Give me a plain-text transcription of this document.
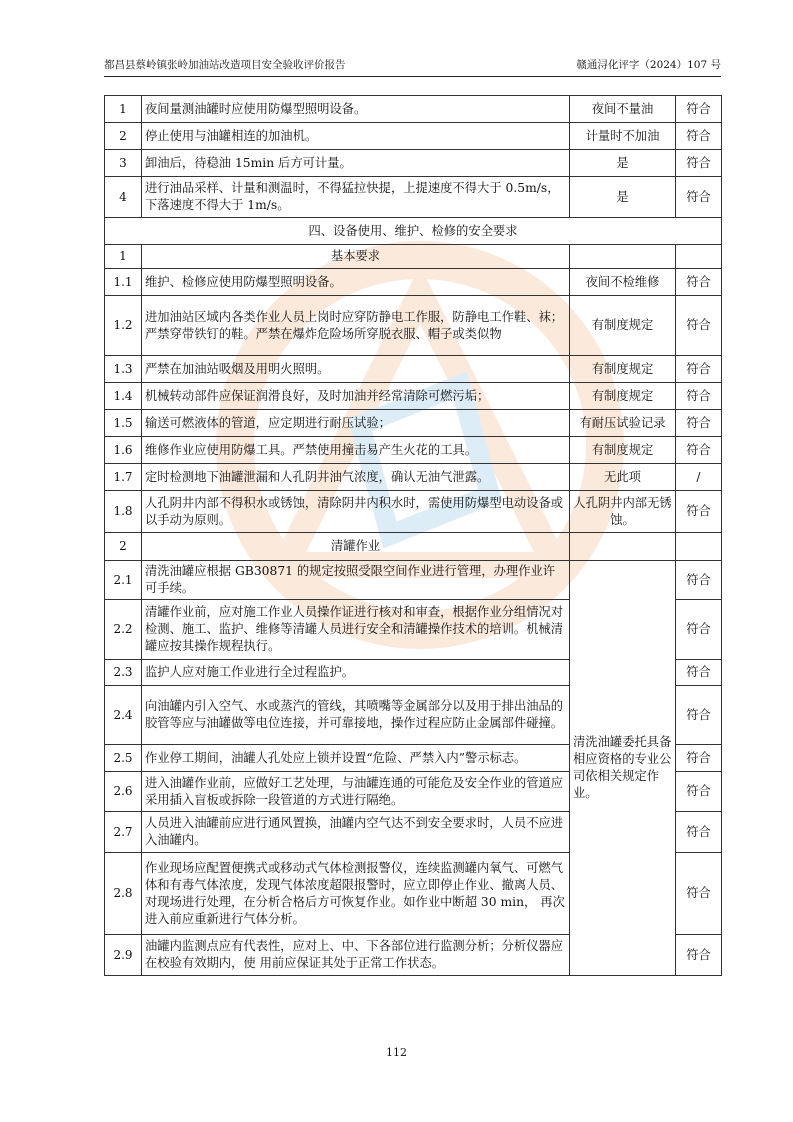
都昌县蔡岭镇张岭加油站改造项目安全验收评价报告	赣通浔化评字（2024）107 号
1	夜间量测油罐时应使用防爆型照明设备。	夜间不量油	符合
2	停止使用与油罐相连的加油机。	计量时不加油	符合
3	卸油后，待稳油 15min 后方可计量。	是	符合
4	进行油品采样、计量和测温时，不得猛拉快提，上提速度不得大于 0.5m/s，下落速度不得大于 1m/s。	是	符合
四、设备使用、维护、检修的安全要求			
1	基本要求		
1.1	维护、检修应使用防爆型照明设备。	夜间不检维修	符合
1.2	进加油站区域内各类作业人员上岗时应穿防静电工作服，防静电工作鞋、袜；严禁穿带铁钉的鞋。严禁在爆炸危险场所穿脱衣服、帽子或类似物	有制度规定	符合
1.3	严禁在加油站吸烟及用明火照明。	有制度规定	符合
1.4	机械转动部件应保证润滑良好，及时加油并经常清除可燃污垢；	有制度规定	符合
1.5	输送可燃液体的管道，应定期进行耐压试验；	有耐压试验记录	符合
1.6	维修作业应使用防爆工具。严禁使用撞击易产生火花的工具。	有制度规定	符合
1.7	定时检测地下油罐泄漏和人孔阴井油气浓度，确认无油气泄露。	无此项	/
1.8	人孔阴井内部不得积水或锈蚀，清除阴井内积水时，需使用防爆型电动设备或以手动为原则。	人孔阴井内部无锈蚀。	符合
2	清罐作业		
2.1	清洗油罐应根据 GB30871 的规定按照受限空间作业进行管理，办理作业许可手续。	清洗油罐委托具备相应资格的专业公司依相关规定作业。	符合
2.2	清罐作业前，应对施工作业人员操作证进行核对和审查，根据作业分组情况对检测、施工、监护、维修等清罐人员进行安全和清罐操作技术的培训。机械清罐应按其操作规程执行。		符合
2.3	监护人应对施工作业进行全过程监护。		符合
2.4	向油罐内引入空气、水或蒸汽的管线，其喷嘴等金属部分以及用于排出油品的胶管等应与油罐做等电位连接，并可靠接地，操作过程应防止金属部件碰撞。		符合
2.5	作业停工期间，油罐人孔处应上锁并设置“危险、严禁入内”警示标志。		符合
2.6	进入油罐作业前，应做好工艺处理，与油罐连通的可能危及安全作业的管道应采用插入盲板或拆除一段管道的方式进行隔绝。		符合
2.7	人员进入油罐前应进行通风置换，油罐内空气达不到安全要求时，人员不应进入油罐内。		符合
2.8	作业现场应配置便携式或移动式气体检测报警仪，连续监测罐内氧气、可燃气体和有毒气体浓度，发现气体浓度超限报警时，应立即停止作业、撤离人员、对现场进行处理，在分析合格后方可恢复作业。如作业中断超 30 min， 再次进入前应重新进行气体分析。		符合
2.9	油罐内监测点应有代表性，应对上、中、下各部位进行监测分析；分析仪器应在校验有效期内，使 用前应保证其处于正常工作状态。		符合
112
